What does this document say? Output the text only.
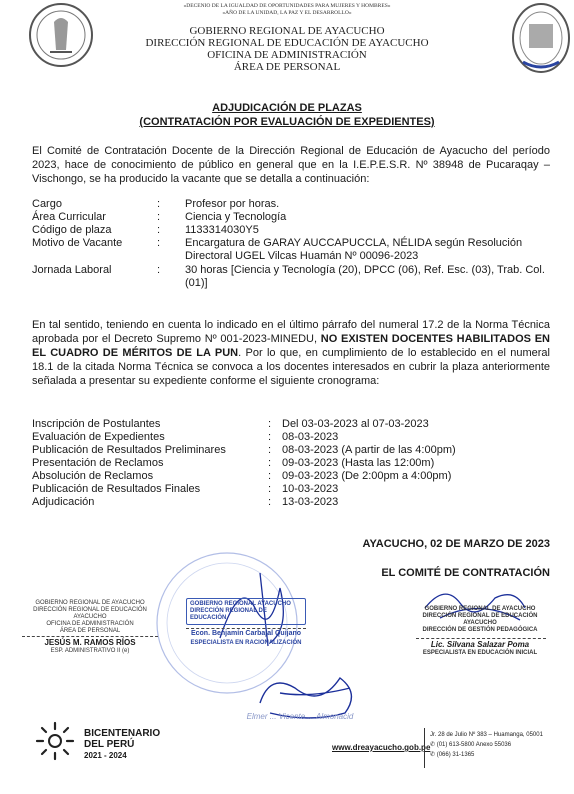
«DECENIO DE LA IGUALDAD DE OPORTUNIDADES PARA MUJERES Y HOMBRES»
«AÑO DE LA UNIDAD, LA PAZ Y EL DESARROLLO»
GOBIERNO REGIONAL DE AYACUCHO
DIRECCIÓN REGIONAL DE EDUCACIÓN DE AYACUCHO
OFICINA DE ADMINISTRACIÓN
ÁREA DE PERSONAL
ADJUDICACIÓN DE PLAZAS
(CONTRATACIÓN POR EVALUACIÓN DE EXPEDIENTES)
El Comité de Contratación Docente de la Dirección Regional de Educación de Ayacucho del período 2023, hace de conocimiento de público en general que en la I.E.P.E.S.R. Nº 38948 de Pucaraqay – Vischongo, se ha producido la vacante que se detalla a continuación:
Cargo	:	Profesor por horas.
Área Curricular	:	Ciencia y Tecnología
Código de plaza	:	1133314030Y5
Motivo de Vacante	:	Encargatura de GARAY AUCCAPUCCLA, NÉLIDA según Resolución Directoral UGEL Vilcas Huamán Nº 00096-2023
Jornada Laboral	:	30 horas [Ciencia y Tecnología (20), DPCC (06), Ref. Esc. (03), Trab. Col. (01)]
En tal sentido, teniendo en cuenta lo indicado en el último párrafo del numeral 17.2 de la Norma Técnica aprobada por el Decreto Supremo Nº 001-2023-MINEDU, NO EXISTEN DOCENTES HABILITADOS EN EL CUADRO DE MÉRITOS DE LA PUN. Por lo que, en cumplimiento de lo establecido en el numeral 18.1 de la citada Norma Técnica se convoca a los docentes interesados en cubrir la plaza anteriormente señalada a presentar su expediente conforme el siguiente cronograma:
Inscripción de Postulantes	: Del 03-03-2023 al 07-03-2023
Evaluación de Expedientes	: 08-03-2023
Publicación de Resultados Preliminares	: 08-03-2023 (A partir de las 4:00pm)
Presentación de Reclamos	: 09-03-2023 (Hasta las 12:00m)
Absolución de Reclamos	: 09-03-2023 (De 2:00pm a 4:00pm)
Publicación de Resultados Finales	: 10-03-2023
Adjudicación	: 13-03-2023
AYACUCHO, 02 DE MARZO DE 2023
EL COMITÉ DE CONTRATACIÓN
GOBIERNO REGIONAL DE AYACUCHO
DIRECCIÓN REGIONAL DE EDUCACIÓN AYACUCHO
OFICINA DE ADMINISTRACIÓN
ÁREA DE PERSONAL
JESÚS M. RAMOS RÍOS
ESP. ADMINISTRATIVO II (e)
GOBIERNO REGIONAL AYACUCHO
DIRECCIÓN REGIONAL DE EDUCACIÓN
Econ. Benjamín Carbajal Quijano
ESPECIALISTA EN RACIONALIZACIÓN
GOBIERNO REGIONAL DE AYACUCHO
DIRECCIÓN REGIONAL DE EDUCACIÓN AYACUCHO
DIRECCIÓN DE GESTIÓN PEDAGÓGICA
Lic. Silvana Salazar Poma
ESPECIALISTA EN EDUCACIÓN INICIAL
Elmer ... Vicente ... Almonacid
BICENTENARIO
DEL PERÚ
2021 - 2024
www.dreayacucho.gob.pe
Jr. 28 de Julio Nº 383 – Huamanga, 05001
✆ (01) 613-5800 Anexo 55036
✆ (066) 31-1365
